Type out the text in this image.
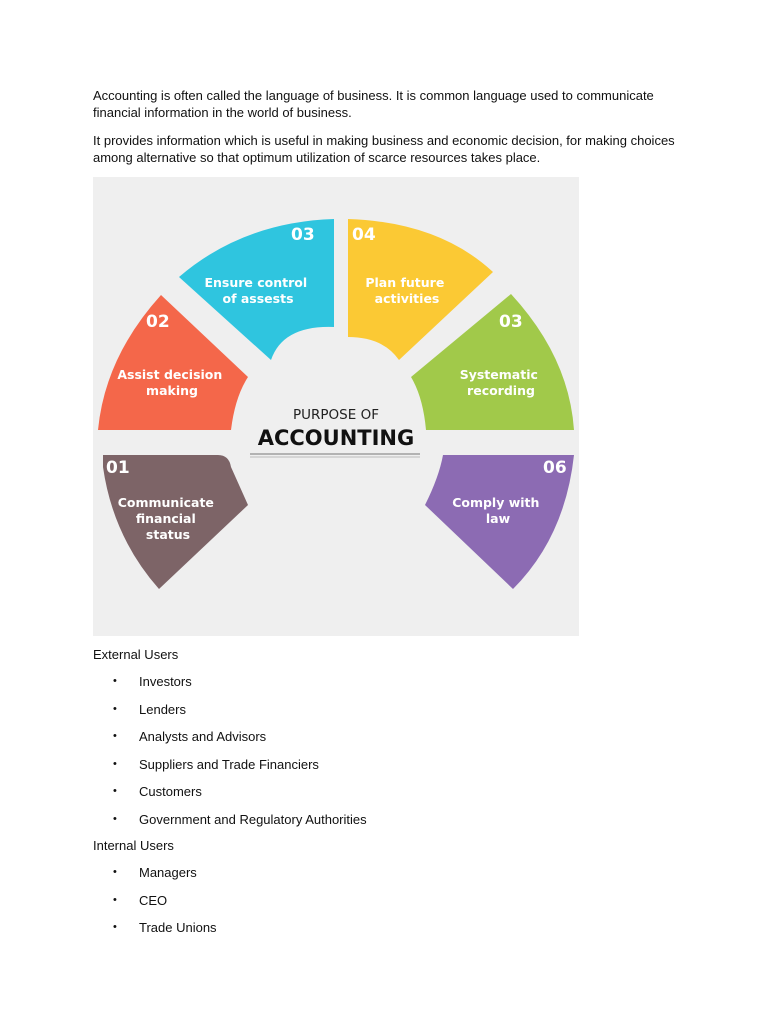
Accounting is often called the language of business. It is common language used to communicate financial information in the world of business.

It provides information which is useful in making business and economic decision, for making choices among alternative so that optimum utilization of scarce resources takes place.

01
02
03 04
03
06
Communicate financial status
Assist decision making
Ensure control of assests
Plan future activities
Systematic recording
Comply with law
PURPOSE OF
ACCOUNTING
External Users
•	Investors
•	Lenders
•	Analysts and Advisors
•	Suppliers and Trade Financiers
•	Customers
•	Government and Regulatory Authorities
Internal Users
•	Managers
•	CEO
•	Trade Unions
